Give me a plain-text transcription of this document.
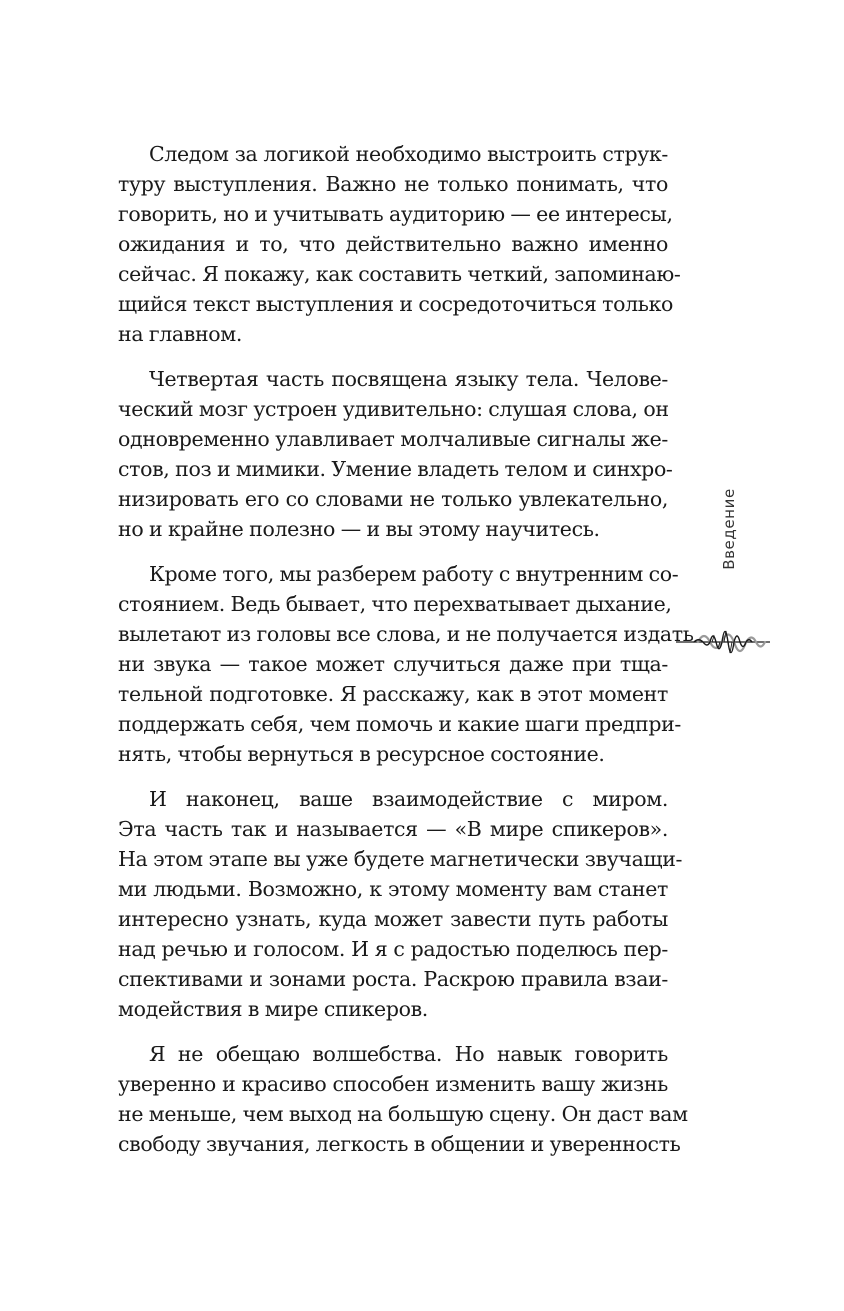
Следом за логикой необходимо выстроить струк-
туру выступления. Важно не только понимать, что
говорить, но и учитывать аудиторию — ее интересы,
ожидания и то, что действительно важно именно
сейчас. Я покажу, как составить четкий, запоминаю-
щийся текст выступления и сосредоточиться только
на главном.

Четвертая часть посвящена языку тела. Челове-
ческий мозг устроен удивительно: слушая слова, он
одновременно улавливает молчаливые сигналы же-
стов, поз и мимики. Умение владеть телом и синхро-
низировать его со словами не только увлекательно,
но и крайне полезно — и вы этому научитесь.

Кроме того, мы разберем работу с внутренним со-
стоянием. Ведь бывает, что перехватывает дыхание,
вылетают из головы все слова, и не получается издать
ни звука — такое может случиться даже при тща-
тельной подготовке. Я расскажу, как в этот момент
поддержать себя, чем помочь и какие шаги предпри-
нять, чтобы вернуться в ресурсное состояние.

И наконец, ваше взаимодействие с миром.
Эта часть так и называется — «В мире спикеров».
На этом этапе вы уже будете магнетически звучащи-
ми людьми. Возможно, к этому моменту вам станет
интересно узнать, куда может завести путь работы
над речью и голосом. И я с радостью поделюсь пер-
спективами и зонами роста. Раскрою правила взаи-
модействия в мире спикеров.

Я не обещаю волшебства. Но навык говорить
уверенно и красиво способен изменить вашу жизнь
не меньше, чем выход на большую сцену. Он даст вам
свободу звучания, легкость в общении и уверенность

Введение
